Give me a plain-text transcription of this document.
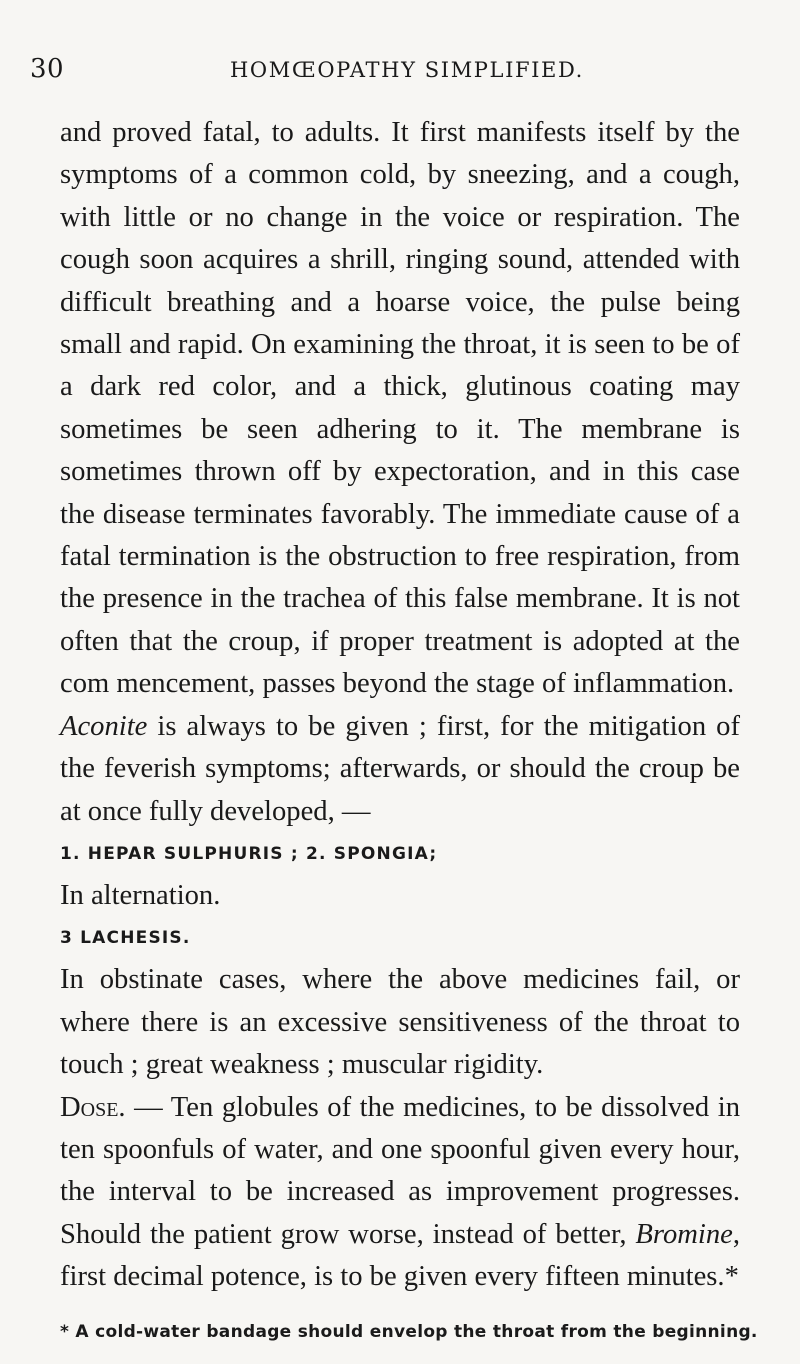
30	HOMŒOPATHY SIMPLIFIED.

and proved fatal, to adults. It first manifests itself by the symptoms of a common cold, by sneezing, and a cough, with little or no change in the voice or respiration. The cough soon acquires a shrill, ringing sound, attended with difficult breathing and a hoarse voice, the pulse being small and rapid. On examining the throat, it is seen to be of a dark red color, and a thick, glutinous coating may sometimes be seen adhering to it. The membrane is sometimes thrown off by expectoration, and in this case the disease terminates favorably. The immediate cause of a fatal termination is the obstruction to free respiration, from the presence in the trachea of this false membrane. It is not often that the croup, if proper treatment is adopted at the com mencement, passes beyond the stage of inflammation.

Aconite is always to be given ; first, for the mitigation of the feverish symptoms; afterwards, or should the croup be at once fully developed, —

1. HEPAR SULPHURIS ; 2. SPONGIA;

In alternation.

3 LACHESIS.

In obstinate cases, where the above medicines fail, or where there is an excessive sensitiveness of the throat to touch ; great weakness ; muscular rigidity.

Dose. — Ten globules of the medicines, to be dissolved in ten spoonfuls of water, and one spoonful given every hour, the interval to be increased as improvement progresses. Should the patient grow worse, instead of better, Bromine, first decimal potence, is to be given every fifteen minutes.*

* A cold-water bandage should envelop the throat from the beginning.
